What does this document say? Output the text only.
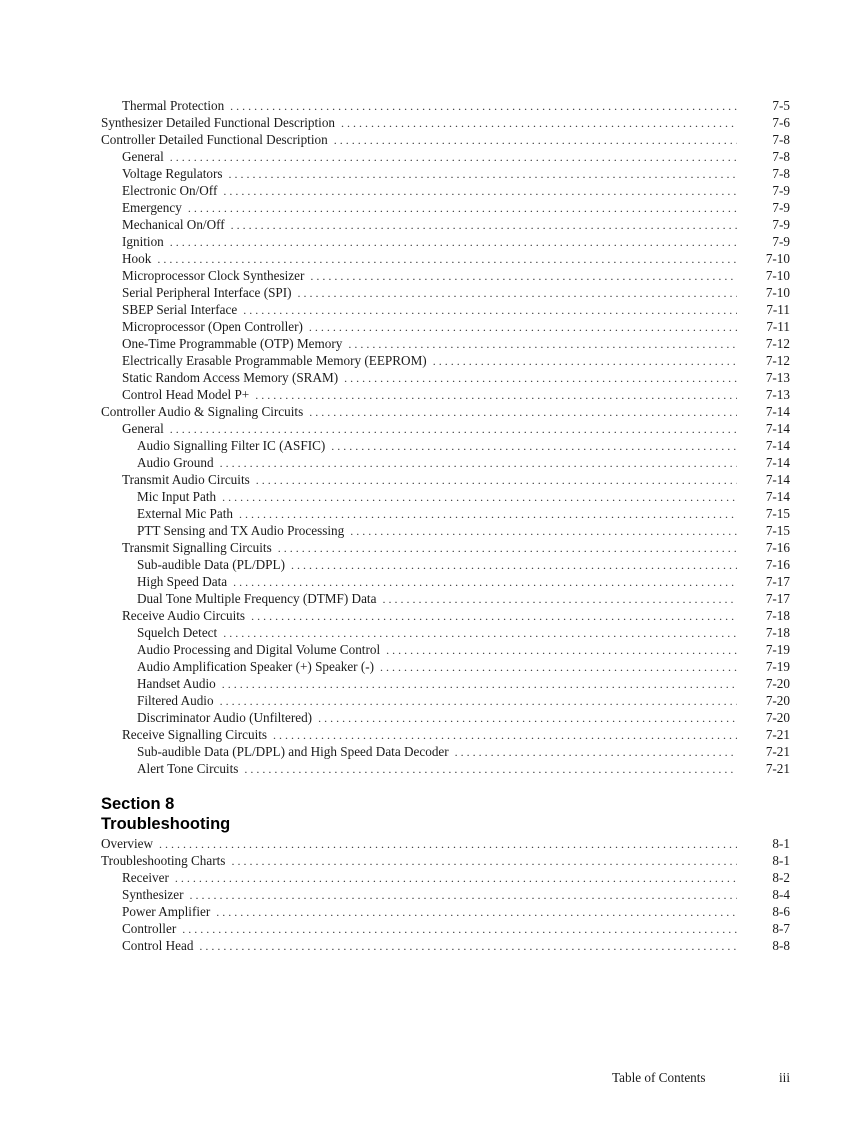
Thermal Protection . . .	7-5
Synthesizer Detailed Functional Description . . .	7-6
Controller Detailed Functional Description . . .	7-8
General . . .	7-8
Voltage Regulators . . .	7-8
Electronic On/Off . . .	7-9
Emergency . . .	7-9
Mechanical On/Off . . .	7-9
Ignition . . .	7-9
Hook . . .	7-10
Microprocessor Clock Synthesizer . . .	7-10
Serial Peripheral Interface (SPI) . . .	7-10
SBEP Serial Interface . . .	7-11
Microprocessor (Open Controller) . . .	7-11
One-Time Programmable (OTP) Memory . . .	7-12
Electrically Erasable Programmable Memory (EEPROM) . . .	7-12
Static Random Access Memory (SRAM) . . .	7-13
Control Head Model P+ . . .	7-13
Controller Audio & Signaling Circuits . . .	7-14
General . . .	7-14
Audio Signalling Filter IC (ASFIC) . . .	7-14
Audio Ground . . .	7-14
Transmit Audio Circuits . . .	7-14
Mic Input Path . . .	7-14
External Mic Path . . .	7-15
PTT Sensing and TX Audio Processing . . .	7-15
Transmit Signalling Circuits . . .	7-16
Sub-audible Data (PL/DPL) . . .	7-16
High Speed Data . . .	7-17
Dual Tone Multiple Frequency (DTMF) Data . . .	7-17
Receive Audio Circuits . . .	7-18
Squelch Detect . . .	7-18
Audio Processing and Digital Volume Control . . .	7-19
Audio Amplification Speaker (+) Speaker (-) . . .	7-19
Handset Audio . . .	7-20
Filtered Audio . . .	7-20
Discriminator Audio (Unfiltered) . . .	7-20
Receive Signalling Circuits . . .	7-21
Sub-audible Data (PL/DPL) and High Speed Data Decoder . . .	7-21
Alert Tone Circuits . . .	7-21
Section 8
Troubleshooting
Overview . . .	8-1
Troubleshooting Charts . . .	8-1
Receiver . . .	8-2
Synthesizer . . .	8-4
Power Amplifier . . .	8-6
Controller . . .	8-7
Control Head . . .	8-8
Table of Contents	iii
